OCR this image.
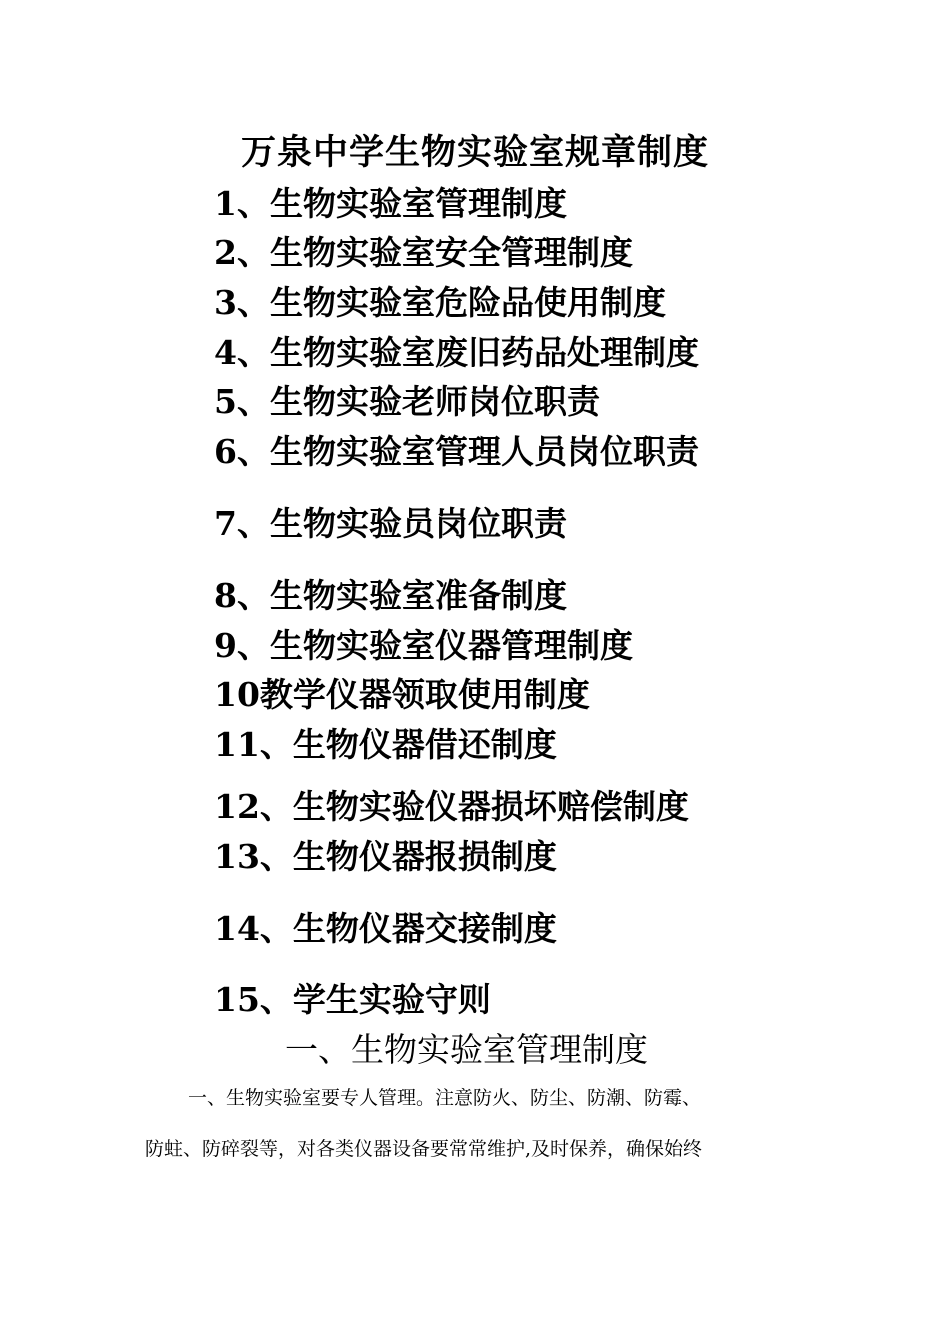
万泉中学生物实验室规章制度
1、生物实验室管理制度
2、生物实验室安全管理制度
3、生物实验室危险品使用制度
4、生物实验室废旧药品处理制度
5、生物实验老师岗位职责
6、生物实验室管理人员岗位职责
7、生物实验员岗位职责
8、生物实验室准备制度
9、生物实验室仪器管理制度
10教学仪器领取使用制度
11、生物仪器借还制度
12、生物实验仪器损坏赔偿制度
13、生物仪器报损制度
14、生物仪器交接制度
15、学生实验守则
一、生物实验室管理制度
一、生物实验室要专人管理。注意防火、防尘、防潮、防霉、
防蛀、防碎裂等，对各类仪器设备要常常维护,及时保养，确保始终
